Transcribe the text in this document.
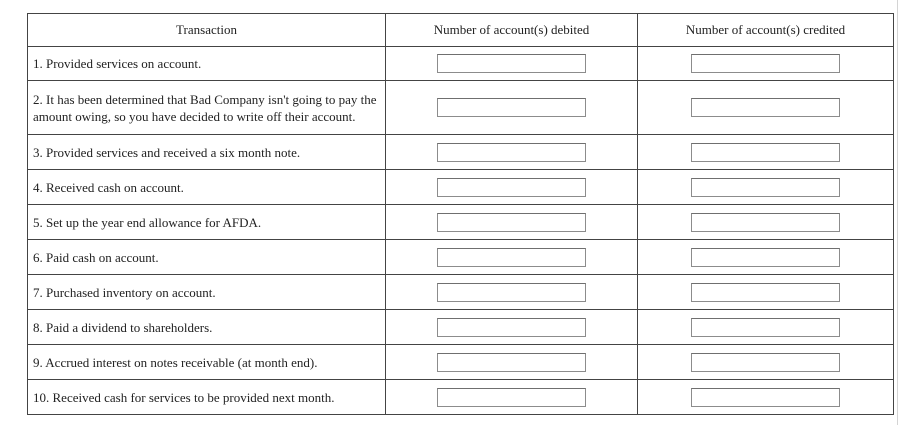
Transaction	Number of account(s) debited	Number of account(s) credited
1. Provided services on account.		
2. It has been determined that Bad Company isn't going to pay the amount owing, so you have decided to write off their account.		
3. Provided services and received a six month note.		
4. Received cash on account.		
5. Set up the year end allowance for AFDA.		
6. Paid cash on account.		
7. Purchased inventory on account.		
8. Paid a dividend to shareholders.		
9. Accrued interest on notes receivable (at month end).		
10. Received cash for services to be provided next month.		
